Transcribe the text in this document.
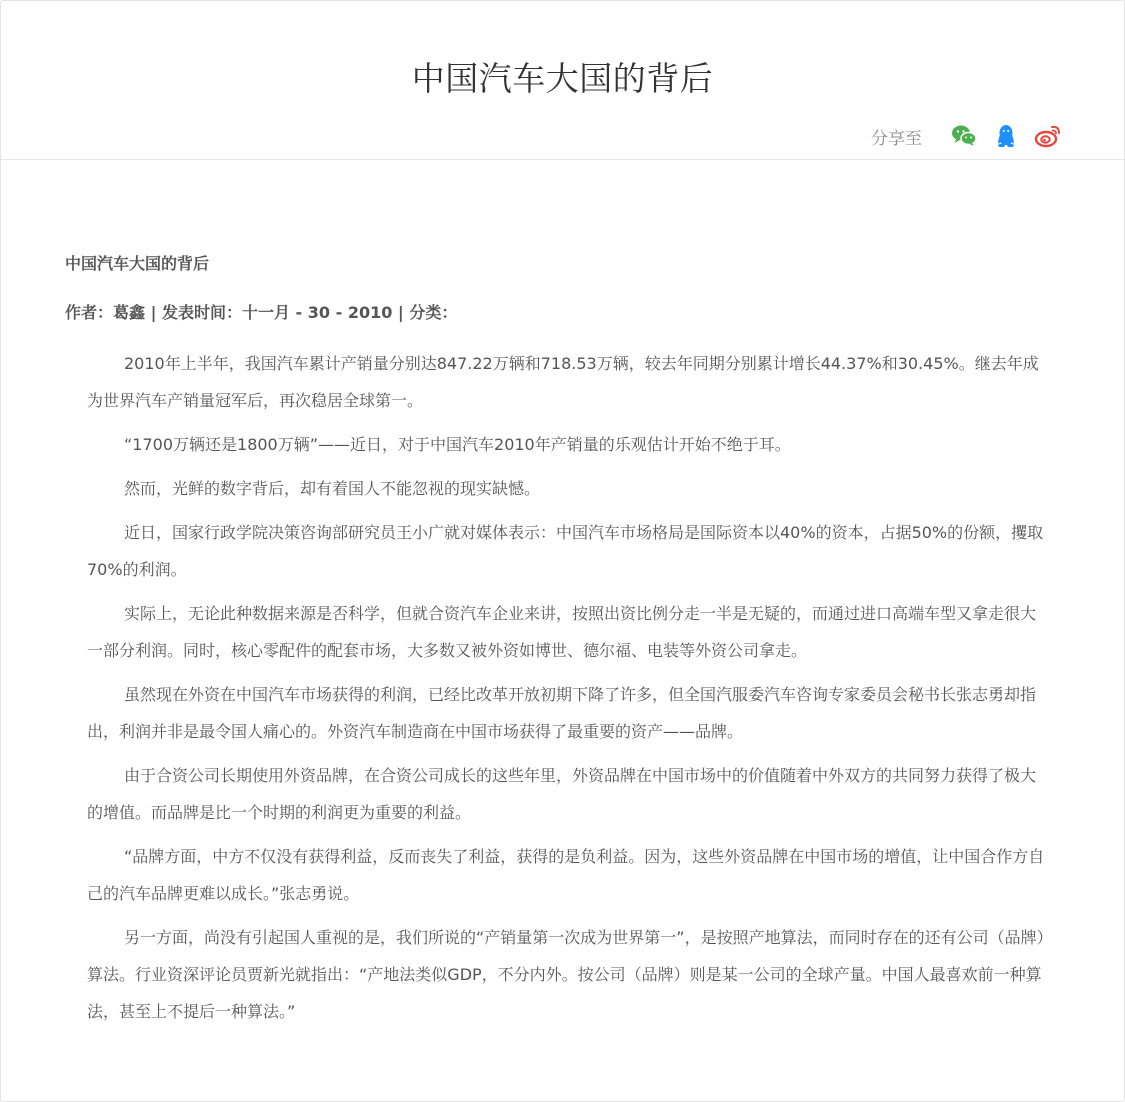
中国汽车大国的背后
分享至
中国汽车大国的背后
作者：葛鑫 | 发表时间：十一月 - 30 - 2010 | 分类：

2010年上半年，我国汽车累计产销量分别达847.22万辆和718.53万辆，较去年同期分别累计增长44.37%和30.45%。继去年成为世界汽车产销量冠军后，再次稳居全球第一。

“1700万辆还是1800万辆”——近日，对于中国汽车2010年产销量的乐观估计开始不绝于耳。

然而，光鲜的数字背后，却有着国人不能忽视的现实缺憾。

近日，国家行政学院决策咨询部研究员王小广就对媒体表示：中国汽车市场格局是国际资本以40%的资本，占据50%的份额，攫取70%的利润。

实际上，无论此种数据来源是否科学，但就合资汽车企业来讲，按照出资比例分走一半是无疑的，而通过进口高端车型又拿走很大一部分利润。同时，核心零配件的配套市场，大多数又被外资如博世、德尔福、电装等外资公司拿走。

虽然现在外资在中国汽车市场获得的利润，已经比改革开放初期下降了许多，但全国汽服委汽车咨询专家委员会秘书长张志勇却指出，利润并非是最令国人痛心的。外资汽车制造商在中国市场获得了最重要的资产——品牌。

由于合资公司长期使用外资品牌，在合资公司成长的这些年里，外资品牌在中国市场中的价值随着中外双方的共同努力获得了极大的增值。而品牌是比一个时期的利润更为重要的利益。

“品牌方面，中方不仅没有获得利益，反而丧失了利益，获得的是负利益。因为，这些外资品牌在中国市场的增值，让中国合作方自己的汽车品牌更难以成长。”张志勇说。

另一方面，尚没有引起国人重视的是，我们所说的“产销量第一次成为世界第一”，是按照产地算法，而同时存在的还有公司（品牌）算法。行业资深评论员贾新光就指出：“产地法类似GDP，不分内外。按公司（品牌）则是某一公司的全球产量。中国人最喜欢前一种算法，甚至上不提后一种算法。”
